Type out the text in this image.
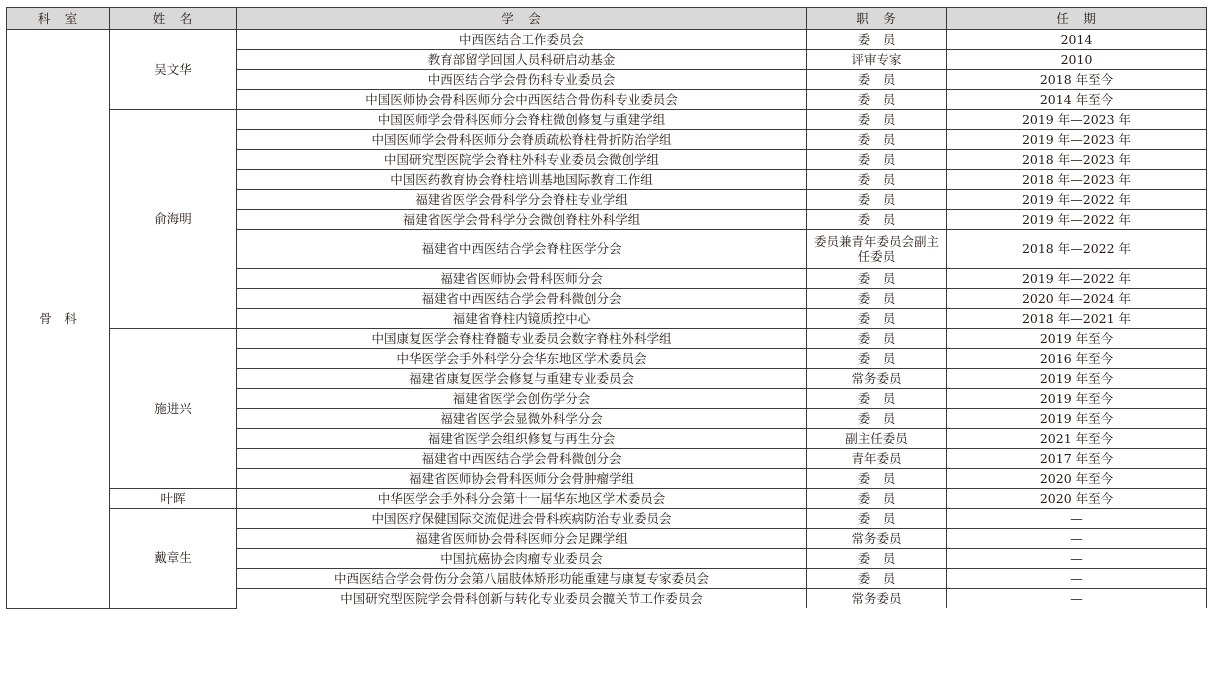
科　室	姓　名	学　会	职　务	任　期
骨　科	吴文华	中西医结合工作委员会	委　员	2014
		教育部留学回国人员科研启动基金	评审专家	2010
		中西医结合学会骨伤科专业委员会	委　员	2018 年至今
		中国医师协会骨科医师分会中西医结合骨伤科专业委员会	委　员	2014 年至今
	俞海明	中国医师学会骨科医师分会脊柱微创修复与重建学组	委　员	2019 年—2023 年
		中国医师学会骨科医师分会脊质疏松脊柱骨折防治学组	委　员	2019 年—2023 年
		中国研究型医院学会脊柱外科专业委员会微创学组	委　员	2018 年—2023 年
		中国医药教育协会脊柱培训基地国际教育工作组	委　员	2018 年—2023 年
		福建省医学会骨科学分会脊柱专业学组	委　员	2019 年—2022 年
		福建省医学会骨科学分会微创脊柱外科学组	委　员	2019 年—2022 年
		福建省中西医结合学会脊柱医学分会	委员兼青年委员会副主任委员	2018 年—2022 年
		福建省医师协会骨科医师分会	委　员	2019 年—2022 年
		福建省中西医结合学会骨科微创分会	委　员	2020 年—2024 年
		福建省脊柱内镜质控中心	委　员	2018 年—2021 年
	施进兴	中国康复医学会脊柱脊髓专业委员会数字脊柱外科学组	委　员	2019 年至今
		中华医学会手外科学分会华东地区学术委员会	委　员	2016 年至今
		福建省康复医学会修复与重建专业委员会	常务委员	2019 年至今
		福建省医学会创伤学分会	委　员	2019 年至今
		福建省医学会显微外科学分会	委　员	2019 年至今
		福建省医学会组织修复与再生分会	副主任委员	2021 年至今
		福建省中西医结合学会骨科微创分会	青年委员	2017 年至今
		福建省医师协会骨科医师分会骨肿瘤学组	委　员	2020 年至今
	叶晖	中华医学会手外科分会第十一届华东地区学术委员会	委　员	2020 年至今
	戴章生	中国医疗保健国际交流促进会骨科疾病防治专业委员会	委　员	—
		福建省医师协会骨科医师分会足踝学组	常务委员	—
		中国抗癌协会肉瘤专业委员会	委　员	—
		中西医结合学会骨伤分会第八届肢体矫形功能重建与康复专家委员会	委　员	—
		中国研究型医院学会骨科创新与转化专业委员会髋关节工作委员会	常务委员	—
